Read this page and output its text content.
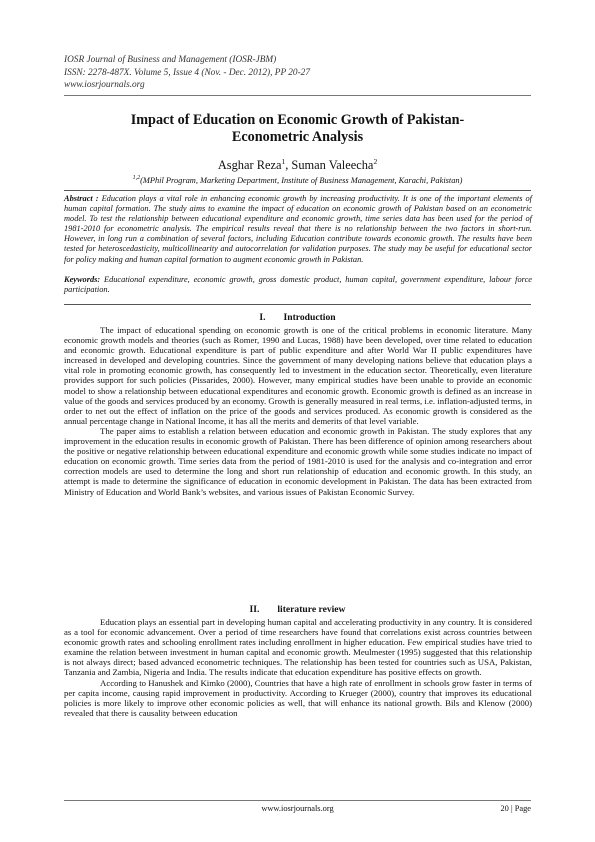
IOSR Journal of Business and Management (IOSR-JBM)
ISSN: 2278-487X. Volume 5, Issue 4 (Nov. - Dec. 2012), PP 20-27
www.iosrjournals.org
Impact of Education on Economic Growth of Pakistan-
Econometric Analysis
Asghar Reza$^1$, Suman Valeecha$^2$
$^{1,2}$(MPhil Program, Marketing Department, Institute of Business Management, Karachi, Pakistan)
Abstract : Education plays a vital role in enhancing economic growth by increasing productivity. It is one of the important elements of human capital formation. The study aims to examine the impact of education on economic growth of Pakistan based on an econometric model. To test the relationship between educational expenditure and economic growth, time series data has been used for the period of 1981-2010 for econometric analysis. The empirical results reveal that there is no relationship between the two factors in short-run. However, in long run a combination of several factors, including Education contribute towards economic growth. The results have been tested for heteroscedasticity, multicollinearity and autocorrelation for validation purposes. The study may be useful for educational sector for policy making and human capital formation to augment economic growth in Pakistan.
Keywords: Educational expenditure, economic growth, gross domestic product, human capital, government expenditure, labour force participation.
I. Introduction

The impact of educational spending on economic growth is one of the critical problems in economic literature. Many economic growth models and theories (such as Romer, 1990 and Lucas, 1988) have been developed, over time related to education and economic growth. Educational expenditure is part of public expenditure and after World War II public expenditures have increased in developed and developing countries. Since the government of many developing nations believe that education plays a vital role in promoting economic growth, has consequently led to investment in the education sector. Theoretically, even literature provides support for such policies (Pissarides, 2000). However, many empirical studies have been unable to provide an economic model to show a relationship between educational expenditures and economic growth. Economic growth is defined as an increase in value of the goods and services produced by an economy. Growth is generally measured in real terms, i.e. inflation-adjusted terms, in order to net out the effect of inflation on the price of the goods and services produced. As economic growth is considered as the annual percentage change in National Income, it has all the merits and demerits of that level variable.

The paper aims to establish a relation between education and economic growth in Pakistan. The study explores that any improvement in the education results in economic growth of Pakistan. There has been difference of opinion among researchers about the positive or negative relationship between educational expenditure and economic growth while some studies indicate no impact of education on economic growth. Time series data from the period of 1981-2010 is used for the analysis and co-integration and error correction models are used to determine the long and short run relationship of education and economic growth. In this study, an attempt is made to determine the significance of education in economic development in Pakistan. The data has been extracted from Ministry of Education and World Bank’s websites, and various issues of Pakistan Economic Survey.

II. literature review

Education plays an essential part in developing human capital and accelerating productivity in any country. It is considered as a tool for economic advancement. Over a period of time researchers have found that correlations exist across countries between economic growth rates and schooling enrollment rates including enrollment in higher education. Few empirical studies have tried to examine the relation between investment in human capital and economic growth. Meulmester (1995) suggested that this relationship is not always direct; based advanced econometric techniques. The relationship has been tested for countries such as USA, Pakistan, Tanzania and Zambia, Nigeria and India. The results indicate that education expenditure has positive effects on growth.

According to Hanushek and Kimko (2000), Countries that have a high rate of enrollment in schools grow faster in terms of per capita income, causing rapid improvement in productivity. According to Krueger (2000), country that improves its educational policies is more likely to improve other economic policies as well, that will enhance its national growth. Bils and Klenow (2000) revealed that there is causality between education

www.iosrjournals.org	20 | Page
